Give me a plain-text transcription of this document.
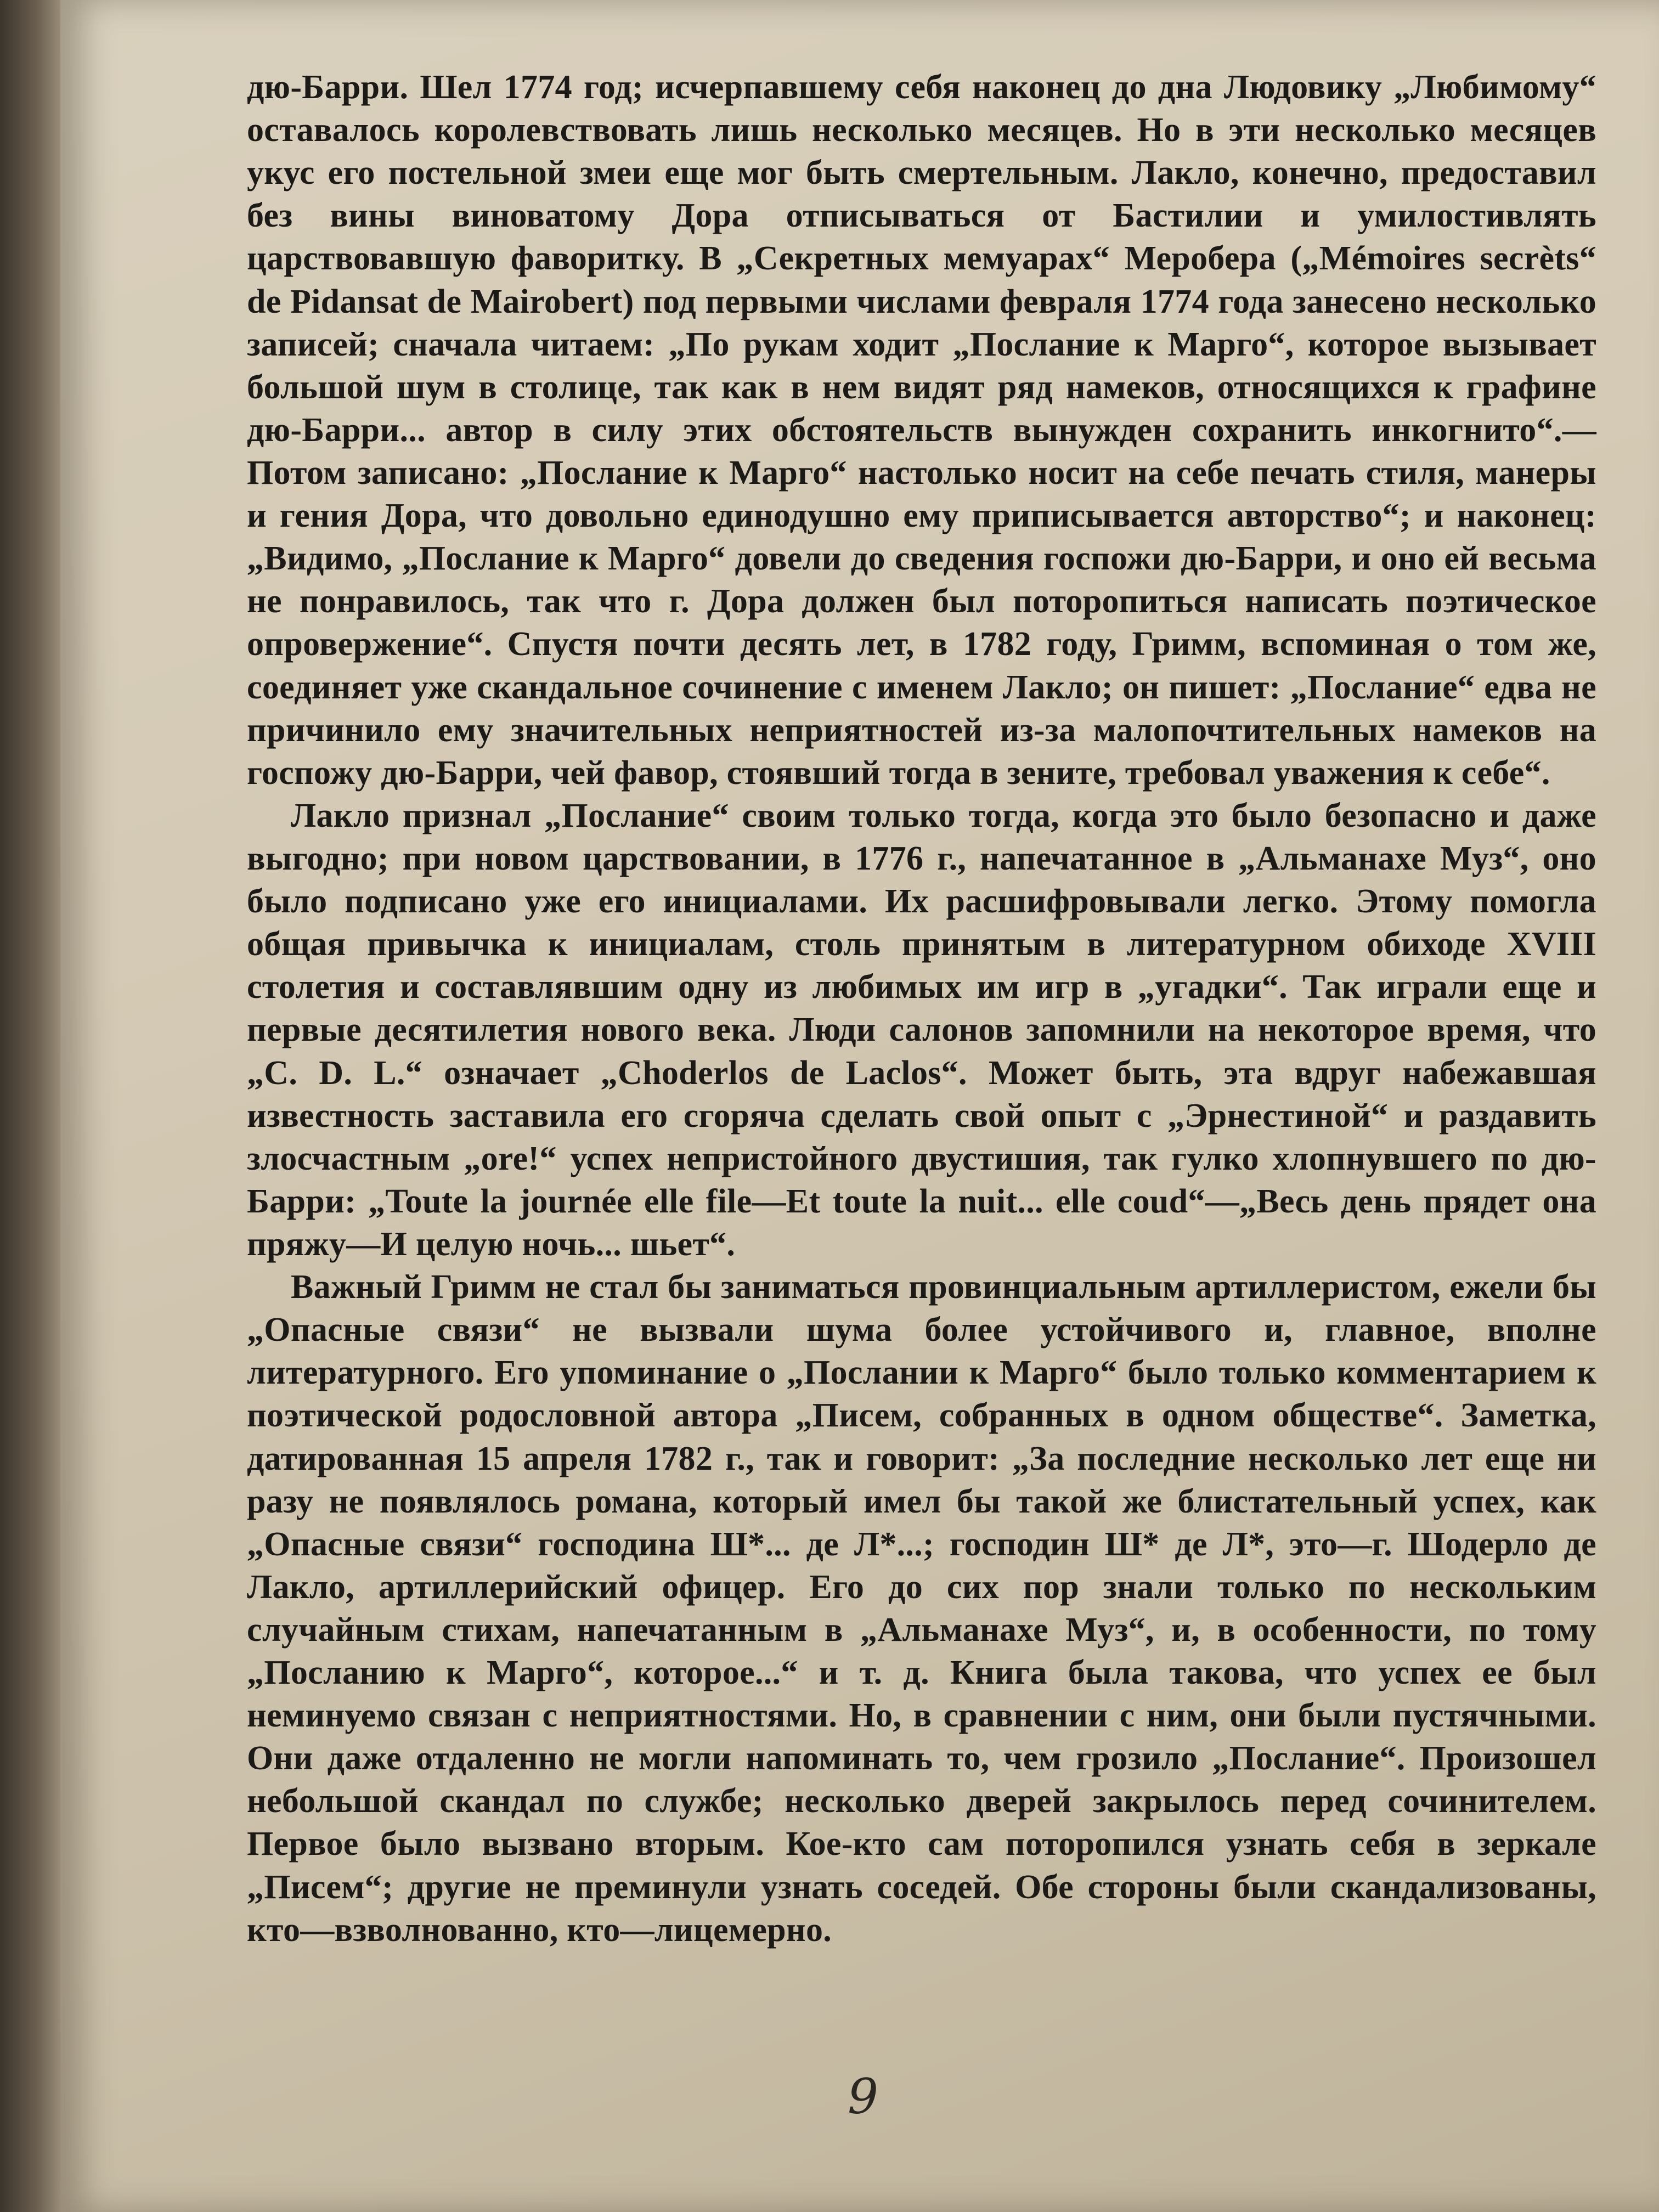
дю-Барри. Шел 1774 год; исчерпавшему себя наконец до дна Людовику „Любимому“ оставалось королевствовать лишь несколько месяцев. Но в эти несколько месяцев укус его постельной змеи еще мог быть смертельным. Лакло, конечно, предоставил без вины виноватому Дора отписываться от Бастилии и умилостивлять царствовавшую фаворитку. В „Секретных мемуарах“ Меробера („Mémoires secrèts“ de Pidansat de Mairobert) под первыми числами февраля 1774 года занесено несколько записей; сначала читаем: „По рукам ходит „Послание к Марго“, которое вызывает большой шум в столице, так как в нем видят ряд намеков, относящихся к графине дю-Барри... автор в силу этих обстоятельств вынужден сохранить инкогнито“.—Потом записано: „Послание к Марго“ настолько носит на себе печать стиля, манеры и гения Дора, что довольно единодушно ему приписывается авторство“; и наконец: „Видимо, „Послание к Марго“ довели до сведения госпожи дю-Барри, и оно ей весьма не понравилось, так что г. Дора должен был поторопиться написать поэтическое опровержение“. Спустя почти десять лет, в 1782 году, Гримм, вспоминая о том же, соединяет уже скандальное сочинение с именем Лакло; он пишет: „Послание“ едва не причинило ему значительных неприятностей из-за малопочтительных намеков на госпожу дю-Барри, чей фавор, стоявший тогда в зените, требовал уважения к себе“.

Лакло признал „Послание“ своим только тогда, когда это было безопасно и даже выгодно; при новом царствовании, в 1776 г., напечатанное в „Альманахе Муз“, оно было подписано уже его инициалами. Их расшифровывали легко. Этому помогла общая привычка к инициалам, столь принятым в литературном обиходе XVIII столетия и составлявшим одну из любимых им игр в „угадки“. Так играли еще и первые десятилетия нового века. Люди салонов запомнили на некоторое время, что „C. D. L.“ означает „Choderlos de Laclos“. Может быть, эта вдруг набежавшая известность заставила его сгоряча сделать свой опыт с „Эрнестиной“ и раздавить злосчастным „ore!“ успех непристойного двустишия, так гулко хлопнувшего по дю-Барри: „Toute la journée elle file—Et toute la nuit... elle coud“—„Весь день прядет она пряжу—И целую ночь... шьет“.

Важный Гримм не стал бы заниматься провинциальным артиллеристом, ежели бы „Опасные связи“ не вызвали шума более устойчивого и, главное, вполне литературного. Его упоминание о „Послании к Марго“ было только комментарием к поэтической родословной автора „Писем, собранных в одном обществе“. Заметка, датированная 15 апреля 1782 г., так и говорит: „За последние несколько лет еще ни разу не появлялось романа, который имел бы такой же блистательный успех, как „Опасные связи“ господина Ш*... де Л*...; господин Ш* де Л*, это—г. Шодерло де Лакло, артиллерийский офицер. Его до сих пор знали только по нескольким случайным стихам, напечатанным в „Альманахе Муз“, и, в особенности, по тому „Посланию к Марго“, которое...“ и т. д. Книга была такова, что успех ее был неминуемо связан с неприятностями. Но, в сравнении с ним, они были пустячными. Они даже отдаленно не могли напоминать то, чем грозило „Послание“. Произошел небольшой скандал по службе; несколько дверей закрылось перед сочинителем. Первое было вызвано вторым. Кое-кто сам поторопился узнать себя в зеркале „Писем“; другие не преминули узнать соседей. Обе стороны были скандализованы, кто—взволнованно, кто—лицемерно.

9
